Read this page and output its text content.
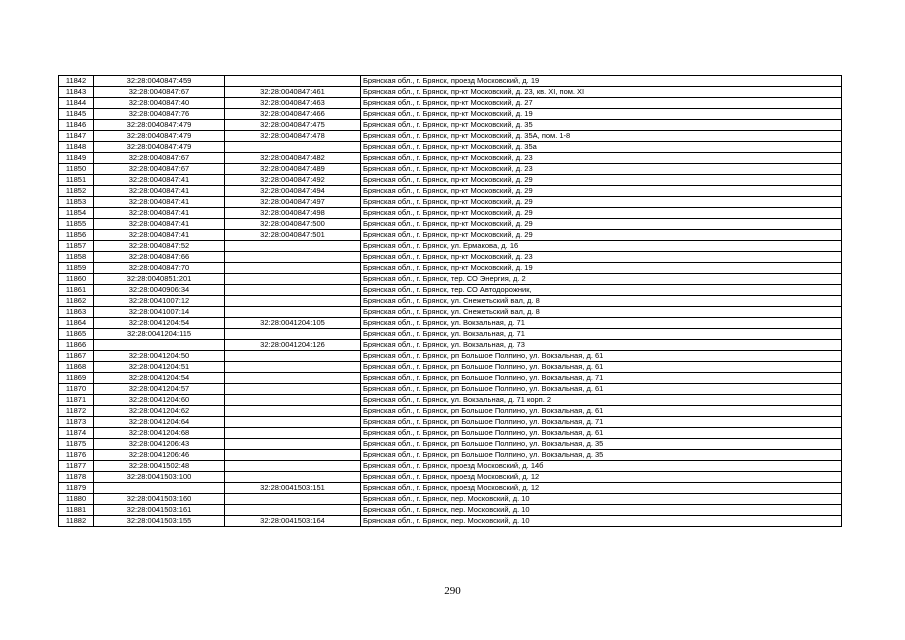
11842	32:28:0040847:459		Брянская обл., г. Брянск, проезд Московский, д. 19
11843	32:28:0040847:67	32:28:0040847:461	Брянская обл., г. Брянск, пр-кт Московский, д. 23, кв. XI, пом. XI
11844	32:28:0040847:40	32:28:0040847:463	Брянская обл., г. Брянск, пр-кт Московский, д. 27
11845	32:28:0040847:76	32:28:0040847:466	Брянская обл., г. Брянск, пр-кт Московский, д. 19
11846	32:28:0040847:479	32:28:0040847:475	Брянская обл., г. Брянск, пр-кт Московский, д. 35
11847	32:28:0040847:479	32:28:0040847:478	Брянская обл., г. Брянск, пр-кт Московский, д. 35А, пом. 1-8
11848	32:28:0040847:479		Брянская обл., г. Брянск, пр-кт Московский, д. 35а
11849	32:28:0040847:67	32:28:0040847:482	Брянская обл., г. Брянск, пр-кт Московский, д. 23
11850	32:28:0040847:67	32:28:0040847:489	Брянская обл., г. Брянск, пр-кт Московский, д. 23
11851	32:28:0040847:41	32:28:0040847:492	Брянская обл., г. Брянск, пр-кт Московский, д. 29
11852	32:28:0040847:41	32:28:0040847:494	Брянская обл., г. Брянск, пр-кт Московский, д. 29
11853	32:28:0040847:41	32:28:0040847:497	Брянская обл., г. Брянск, пр-кт Московский, д. 29
11854	32:28:0040847:41	32:28:0040847:498	Брянская обл., г. Брянск, пр-кт Московский, д. 29
11855	32:28:0040847:41	32:28:0040847:500	Брянская обл., г. Брянск, пр-кт Московский, д. 29
11856	32:28:0040847:41	32:28:0040847:501	Брянская обл., г. Брянск, пр-кт Московский, д. 29
11857	32:28:0040847:52		Брянская обл., г. Брянск, ул. Ермакова, д. 16
11858	32:28:0040847:66		Брянская обл., г. Брянск, пр-кт Московский, д. 23
11859	32:28:0040847:70		Брянская обл., г. Брянск, пр-кт Московский, д. 19
11860	32:28:0040851:201		Брянская обл., г. Брянск, тер. СО Энергия, д. 2
11861	32:28:0040906:34		Брянская обл., г. Брянск, тер. СО Автодорожник,
11862	32:28:0041007:12		Брянская обл., г. Брянск, ул. Снежетьский вал, д. 8
11863	32:28:0041007:14		Брянская обл., г. Брянск, ул. Снежетьский вал, д. 8
11864	32:28:0041204:54	32:28:0041204:105	Брянская обл., г. Брянск, ул. Вокзальная, д. 71
11865	32:28:0041204:115		Брянская обл., г. Брянск, ул. Вокзальная, д. 71
11866		32:28:0041204:126	Брянская обл., г. Брянск, ул. Вокзальная, д. 73
11867	32:28:0041204:50		Брянская обл., г. Брянск, рп Большое Полпино, ул. Вокзальная, д. 61
11868	32:28:0041204:51		Брянская обл., г. Брянск, рп Большое Полпино, ул. Вокзальная, д. 61
11869	32:28:0041204:54		Брянская обл., г. Брянск, рп Большое Полпино, ул. Вокзальная, д. 71
11870	32:28:0041204:57		Брянская обл., г. Брянск, рп Большое Полпино, ул. Вокзальная, д. 61
11871	32:28:0041204:60		Брянская обл., г. Брянск, ул. Вокзальная, д. 71 корп. 2
11872	32:28:0041204:62		Брянская обл., г. Брянск, рп Большое Полпино, ул. Вокзальная, д. 61
11873	32:28:0041204:64		Брянская обл., г. Брянск, рп Большое Полпино, ул. Вокзальная, д. 71
11874	32:28:0041204:68		Брянская обл., г. Брянск, рп Большое Полпино, ул. Вокзальная, д. 61
11875	32:28:0041206:43		Брянская обл., г. Брянск, рп Большое Полпино, ул. Вокзальная, д. 35
11876	32:28:0041206:46		Брянская обл., г. Брянск, рп Большое Полпино, ул. Вокзальная, д. 35
11877	32:28:0041502:48		Брянская обл., г. Брянск, проезд Московский, д. 14б
11878	32:28:0041503:100		Брянская обл., г. Брянск, проезд Московский, д. 12
11879		32:28:0041503:151	Брянская обл., г. Брянск, проезд Московский, д. 12
11880	32:28:0041503:160		Брянская обл., г. Брянск, пер. Московский, д. 10
11881	32:28:0041503:161		Брянская обл., г. Брянск, пер. Московский, д. 10
11882	32:28:0041503:155	32:28:0041503:164	Брянская обл., г. Брянск, пер. Московский, д. 10
290
